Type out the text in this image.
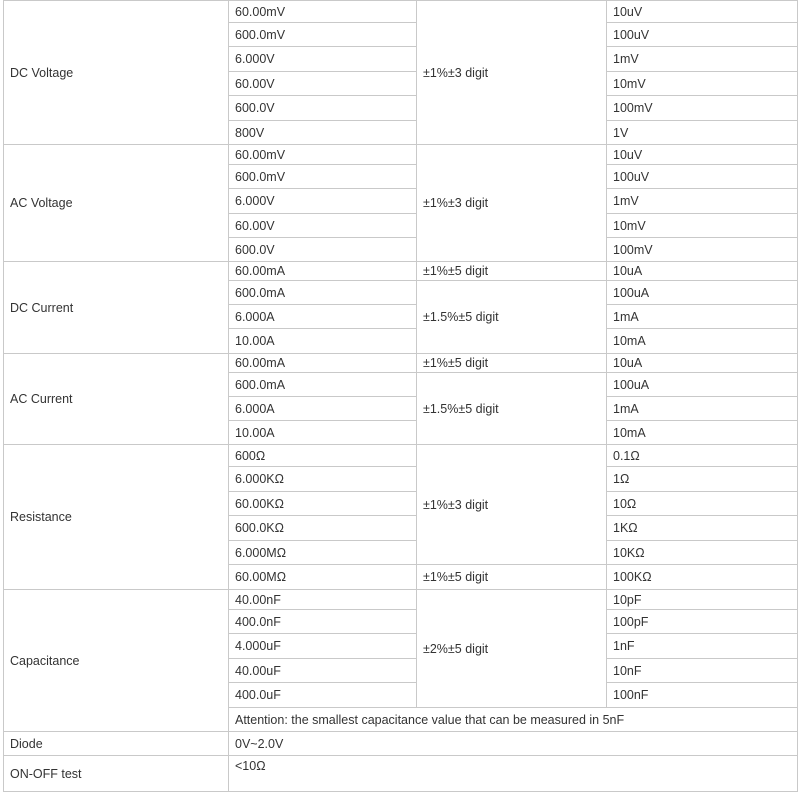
DC Voltage	60.00mV	±1%±3 digit	10uV
	600.0mV		100uV
	6.000V		1mV
	60.00V		10mV
	600.0V		100mV
	800V		1V
AC Voltage	60.00mV	±1%±3 digit	10uV
	600.0mV		100uV
	6.000V		1mV
	60.00V		10mV
	600.0V		100mV
DC Current	60.00mA	±1%±5 digit	10uA
	600.0mA	±1.5%±5 digit	100uA
	6.000A		1mA
	10.00A		10mA
AC Current	60.00mA	±1%±5 digit	10uA
	600.0mA	±1.5%±5 digit	100uA
	6.000A		1mA
	10.00A		10mA
Resistance	600Ω	±1%±3 digit	0.1Ω
	6.000KΩ		1Ω
	60.00KΩ		10Ω
	600.0KΩ		1KΩ
	6.000MΩ		10KΩ
	60.00MΩ	±1%±5 digit	100KΩ
Capacitance	40.00nF	±2%±5 digit	10pF
	400.0nF		100pF
	4.000uF		1nF
	40.00uF		10nF
	400.0uF		100nF
	Attention: the smallest capacitance value that can be measured in 5nF		
Diode	0V~2.0V		
ON-OFF test	<10Ω		
